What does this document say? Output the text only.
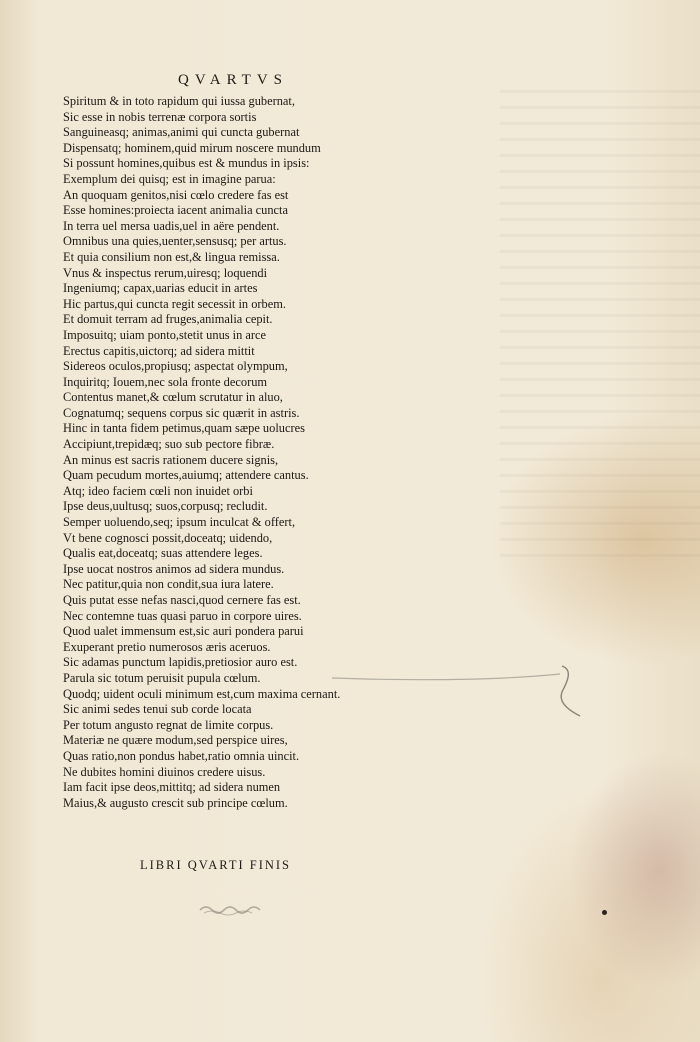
QVARTVS
Spiritum & in toto rapidum qui iussa gubernat,
Sic esse in nobis terrenæ corpora sortis
Sanguineasq; animas,animi qui cuncta gubernat
Dispensatq; hominem,quid mirum noscere mundum
Si possunt homines,quibus est & mundus in ipsis:
Exemplum dei quisq; est in imagine parua:
An quoquam genitos,nisi cœlo credere fas est
Esse homines:proiecta iacent animalia cuncta
In terra uel mersa uadis,uel in aëre pendent.
Omnibus una quies,uenter,sensusq; per artus.
Et quia consilium non est,& lingua remissa.
Vnus & inspectus rerum,uiresq; loquendi
Ingeniumq; capax,uarias educit in artes
Hic partus,qui cuncta regit secessit in orbem.
Et domuit terram ad fruges,animalia cepit.
Imposuitq; uiam ponto,stetit unus in arce
Erectus capitis,uictorq; ad sidera mittit
Sidereos oculos,propiusq; aspectat olympum,
Inquiritq; Iouem,nec sola fronte decorum
Contentus manet,& cœlum scrutatur in aluo,
Cognatumq; sequens corpus sic quærit in astris.
Hinc in tanta fidem petimus,quam sæpe uolucres
Accipiunt,trepidæq; suo sub pectore fibræ.
An minus est sacris rationem ducere signis,
Quam pecudum mortes,auiumq; attendere cantus.
Atq; ideo faciem cœli non inuidet orbi
Ipse deus,uultusq; suos,corpusq; recludit.
Semper uoluendo,seq; ipsum inculcat & offert,
Vt bene cognosci possit,doceatq; uidendo,
Qualis eat,doceatq; suas attendere leges.
Ipse uocat nostros animos ad sidera mundus.
Nec patitur,quia non condit,sua iura latere.
Quis putat esse nefas nasci,quod cernere fas est.
Nec contemne tuas quasi paruo in corpore uires.
Quod ualet immensum est,sic auri pondera parui
Exuperant pretio numerosos æris aceruos.
Sic adamas punctum lapidis,pretiosior auro est.
Parula sic totum peruisit pupula cœlum.
Quodq; uident oculi minimum est,cum maxima cernant.
Sic animi sedes tenui sub corde locata
Per totum angusto regnat de limite corpus.
Materiæ ne quære modum,sed perspice uires,
Quas ratio,non pondus habet,ratio omnia uincit.
Ne dubites homini diuinos credere uisus.
Iam facit ipse deos,mittitq; ad sidera numen
Maius,& augusto crescit sub principe cœlum.
LIBRI QVARTI FINIS
